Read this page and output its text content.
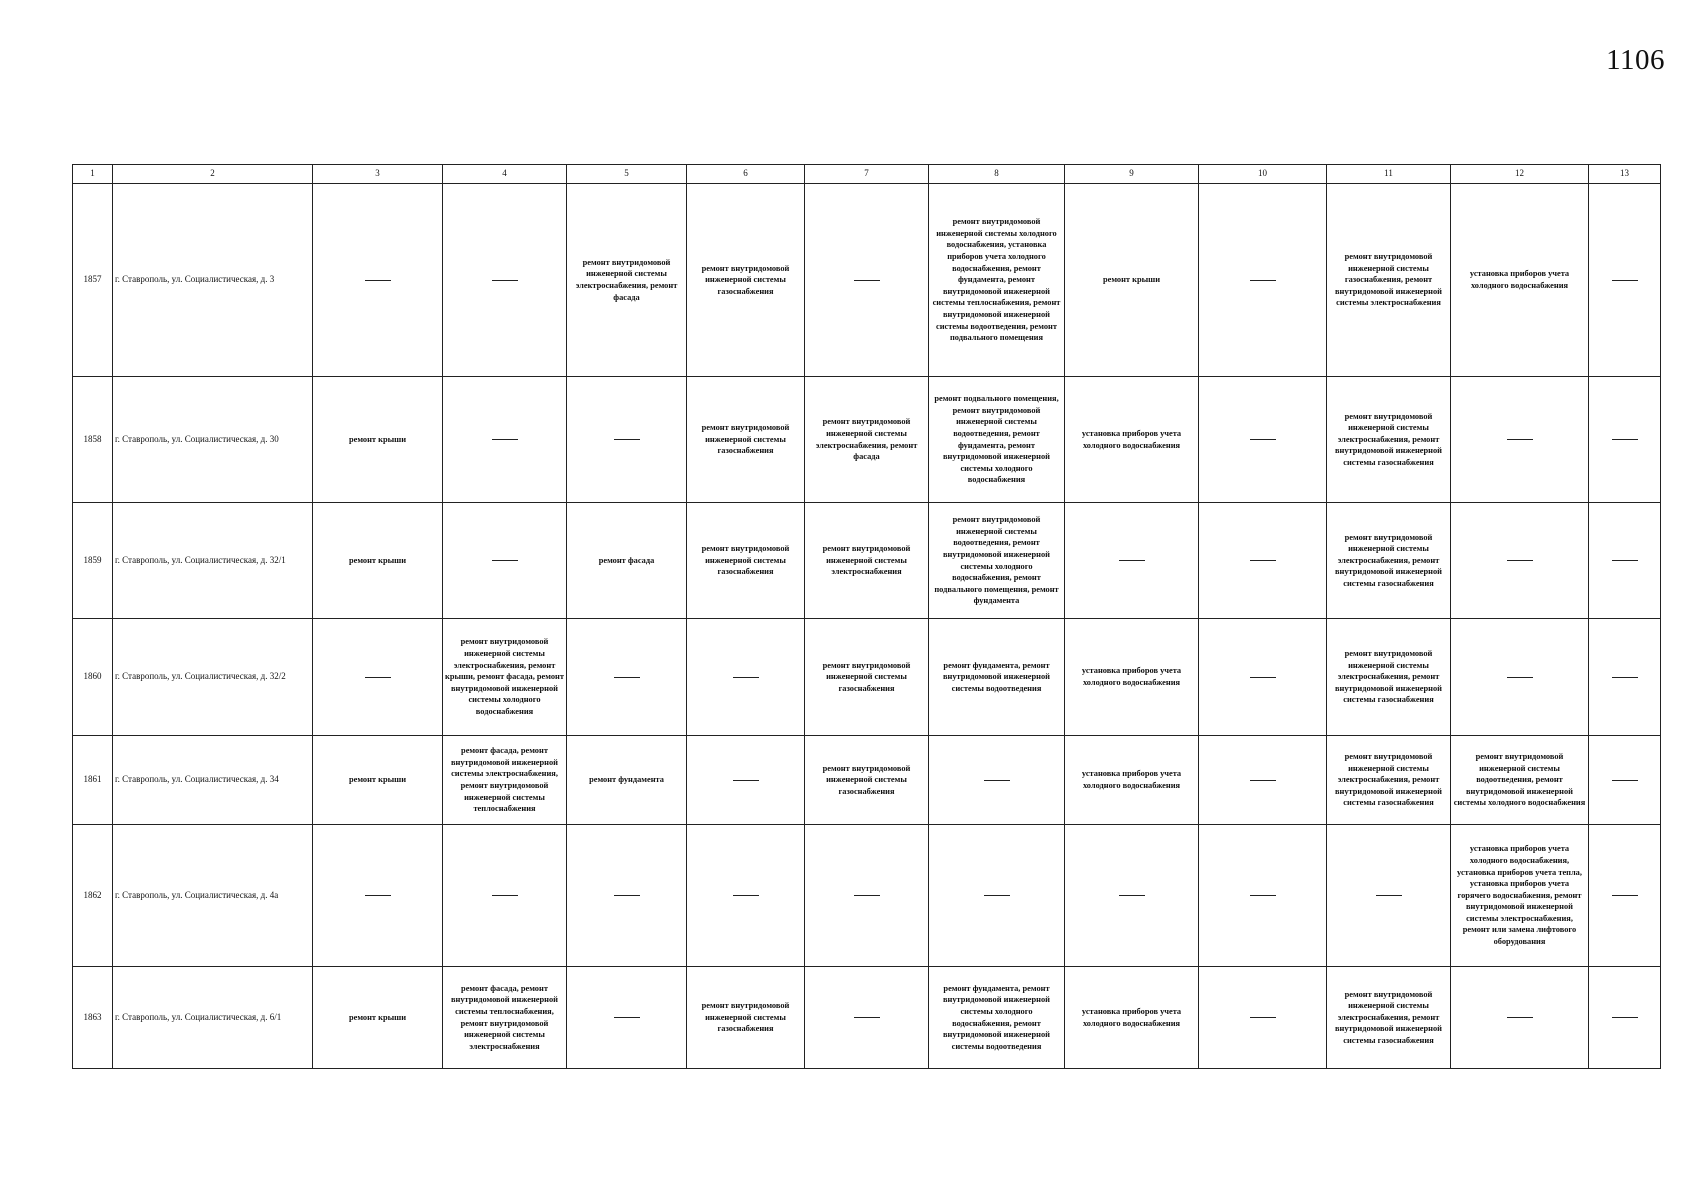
1106
1	2	3	4	5	6	7	8	9	10	11	12	13
1857	г. Ставрополь, ул. Социалистическая, д. 3			ремонт внутридомовой инженерной системы электроснабжения, ремонт фасада	ремонт внутридомовой инженерной системы газоснабжения		ремонт внутридомовой инженерной системы холодного водоснабжения, установка приборов учета холодного водоснабжения, ремонт фундамента, ремонт внутридомовой инженерной системы теплоснабжения, ремонт внутридомовой инженерной системы водоотведения, ремонт подвального помещения	ремонт крыши		ремонт внутридомовой инженерной системы газоснабжения, ремонт внутридомовой инженерной системы электроснабжения	установка приборов учета холодного водоснабжения	
1858	г. Ставрополь, ул. Социалистическая, д. 30	ремонт крыши			ремонт внутридомовой инженерной системы газоснабжения	ремонт внутридомовой инженерной системы электроснабжения, ремонт фасада	ремонт подвального помещения, ремонт внутридомовой инженерной системы водоотведения, ремонт фундамента, ремонт внутридомовой инженерной системы холодного водоснабжения	установка приборов учета холодного водоснабжения		ремонт внутридомовой инженерной системы электроснабжения, ремонт внутридомовой инженерной системы газоснабжения		
1859	г. Ставрополь, ул. Социалистическая, д. 32/1	ремонт крыши		ремонт фасада	ремонт внутридомовой инженерной системы газоснабжения	ремонт внутридомовой инженерной системы электроснабжения	ремонт внутридомовой инженерной системы водоотведения, ремонт внутридомовой инженерной системы холодного водоснабжения, ремонт подвального помещения, ремонт фундамента			ремонт внутридомовой инженерной системы электроснабжения, ремонт внутридомовой инженерной системы газоснабжения		
1860	г. Ставрополь, ул. Социалистическая, д. 32/2		ремонт внутридомовой инженерной системы электроснабжения, ремонт крыши, ремонт фасада, ремонт внутридомовой инженерной системы холодного водоснабжения			ремонт внутридомовой инженерной системы газоснабжения	ремонт фундамента, ремонт внутридомовой инженерной системы водоотведения	установка приборов учета холодного водоснабжения		ремонт внутридомовой инженерной системы электроснабжения, ремонт внутридомовой инженерной системы газоснабжения		
1861	г. Ставрополь, ул. Социалистическая, д. 34	ремонт крыши	ремонт фасада, ремонт внутридомовой инженерной системы электроснабжения, ремонт внутридомовой инженерной системы теплоснабжения	ремонт фундамента		ремонт внутридомовой инженерной системы газоснабжения		установка приборов учета холодного водоснабжения		ремонт внутридомовой инженерной системы электроснабжения, ремонт внутридомовой инженерной системы газоснабжения	ремонт внутридомовой инженерной системы водоотведения, ремонт внутридомовой инженерной системы холодного водоснабжения	
1862	г. Ставрополь, ул. Социалистическая, д. 4а										установка приборов учета холодного водоснабжения, установка приборов учета тепла, установка приборов учета горячего водоснабжения, ремонт внутридомовой инженерной системы электроснабжения, ремонт или замена лифтового оборудования	
1863	г. Ставрополь, ул. Социалистическая, д. 6/1	ремонт крыши	ремонт фасада, ремонт внутридомовой инженерной системы теплоснабжения, ремонт внутридомовой инженерной системы электроснабжения		ремонт внутридомовой инженерной системы газоснабжения		ремонт фундамента, ремонт внутридомовой инженерной системы холодного водоснабжения, ремонт внутридомовой инженерной системы водоотведения	установка приборов учета холодного водоснабжения		ремонт внутридомовой инженерной системы электроснабжения, ремонт внутридомовой инженерной системы газоснабжения		
